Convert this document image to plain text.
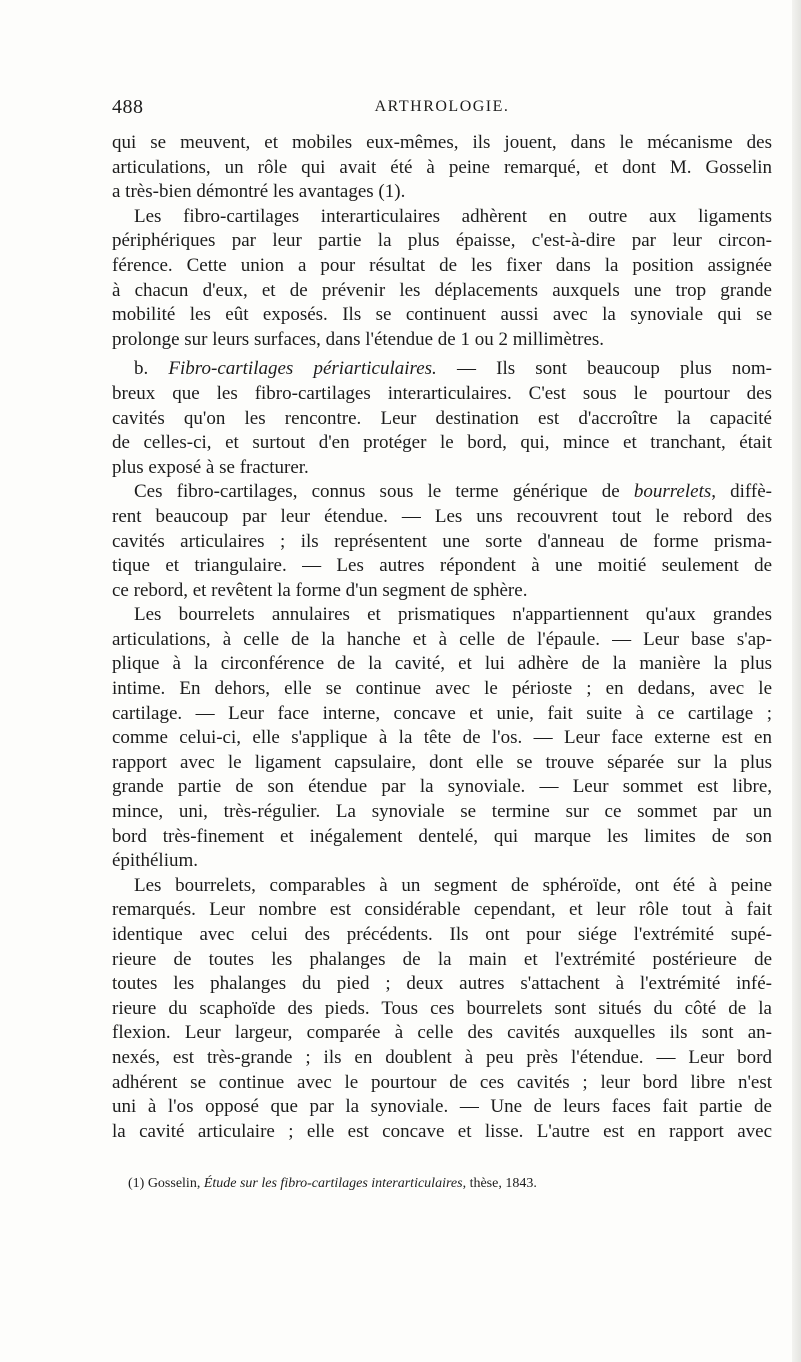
488	ARTHROLOGIE.
qui se meuvent, et mobiles eux-mêmes, ils jouent, dans le mécanisme des
articulations, un rôle qui avait été à peine remarqué, et dont M. Gosselin
a très-bien démontré les avantages (1).
Les fibro-cartilages interarticulaires adhèrent en outre aux ligaments
périphériques par leur partie la plus épaisse, c'est-à-dire par leur circon-
férence. Cette union a pour résultat de les fixer dans la position assignée
à chacun d'eux, et de prévenir les déplacements auxquels une trop grande
mobilité les eût exposés. Ils se continuent aussi avec la synoviale qui se
prolonge sur leurs surfaces, dans l'étendue de 1 ou 2 millimètres.
b. Fibro-cartilages périarticulaires. — Ils sont beaucoup plus nom-
breux que les fibro-cartilages interarticulaires. C'est sous le pourtour des
cavités qu'on les rencontre. Leur destination est d'accroître la capacité
de celles-ci, et surtout d'en protéger le bord, qui, mince et tranchant, était
plus exposé à se fracturer.
Ces fibro-cartilages, connus sous le terme générique de bourrelets, diffè-
rent beaucoup par leur étendue. — Les uns recouvrent tout le rebord des
cavités articulaires ; ils représentent une sorte d'anneau de forme prisma-
tique et triangulaire. — Les autres répondent à une moitié seulement de
ce rebord, et revêtent la forme d'un segment de sphère.
Les bourrelets annulaires et prismatiques n'appartiennent qu'aux grandes
articulations, à celle de la hanche et à celle de l'épaule. — Leur base s'ap-
plique à la circonférence de la cavité, et lui adhère de la manière la plus
intime. En dehors, elle se continue avec le périoste ; en dedans, avec le
cartilage. — Leur face interne, concave et unie, fait suite à ce cartilage ;
comme celui-ci, elle s'applique à la tête de l'os. — Leur face externe est en
rapport avec le ligament capsulaire, dont elle se trouve séparée sur la plus
grande partie de son étendue par la synoviale. — Leur sommet est libre,
mince, uni, très-régulier. La synoviale se termine sur ce sommet par un
bord très-finement et inégalement dentelé, qui marque les limites de son
épithélium.
Les bourrelets, comparables à un segment de sphéroïde, ont été à peine
remarqués. Leur nombre est considérable cependant, et leur rôle tout à fait
identique avec celui des précédents. Ils ont pour siége l'extrémité supé-
rieure de toutes les phalanges de la main et l'extrémité postérieure de
toutes les phalanges du pied ; deux autres s'attachent à l'extrémité infé-
rieure du scaphoïde des pieds. Tous ces bourrelets sont situés du côté de la
flexion. Leur largeur, comparée à celle des cavités auxquelles ils sont an-
nexés, est très-grande ; ils en doublent à peu près l'étendue. — Leur bord
adhérent se continue avec le pourtour de ces cavités ; leur bord libre n'est
uni à l'os opposé que par la synoviale. — Une de leurs faces fait partie de
la cavité articulaire ; elle est concave et lisse. L'autre est en rapport avec
(1) Gosselin, Étude sur les fibro-cartilages interarticulaires, thèse, 1843.
